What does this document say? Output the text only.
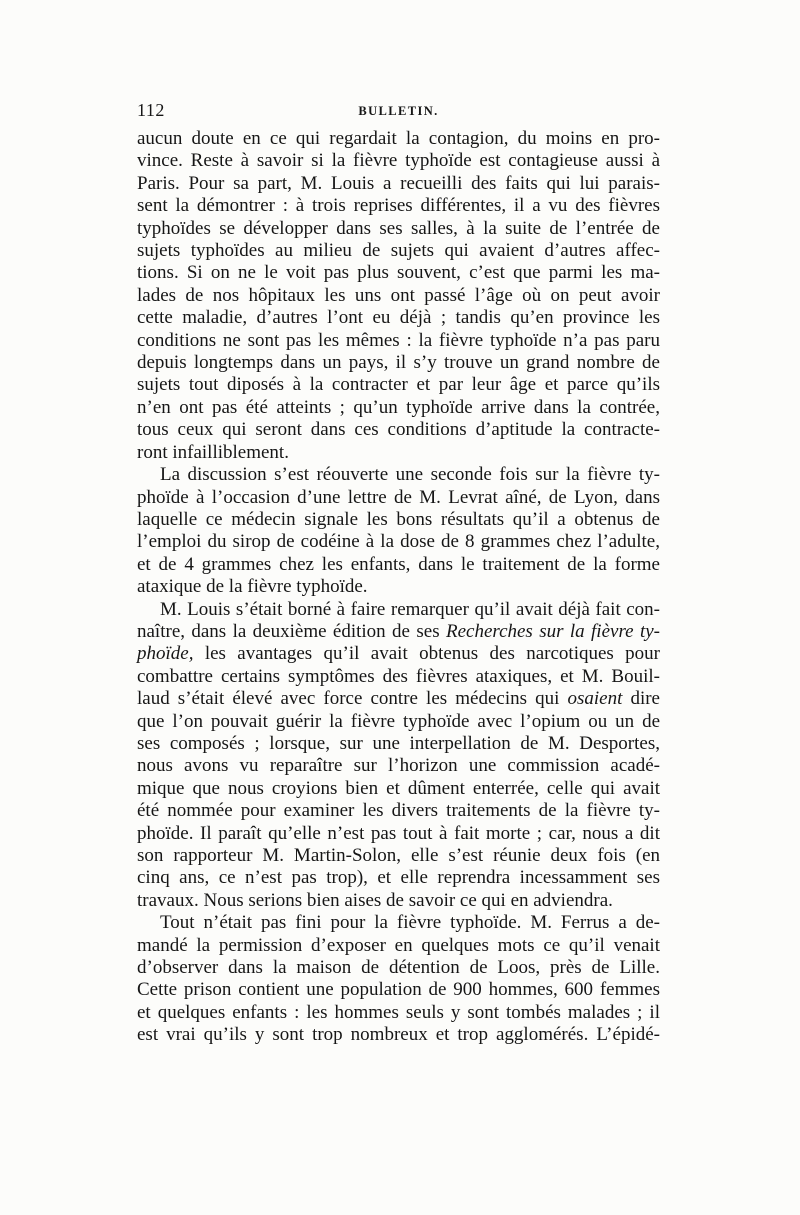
112	BULLETIN.
aucun doute en ce qui regardait la contagion, du moins en pro-
vince. Reste à savoir si la fièvre typhoïde est contagieuse aussi à
Paris. Pour sa part, M. Louis a recueilli des faits qui lui parais-
sent la démontrer : à trois reprises différentes, il a vu des fièvres
typhoïdes se développer dans ses salles, à la suite de l’entrée de
sujets typhoïdes au milieu de sujets qui avaient d’autres affec-
tions. Si on ne le voit pas plus souvent, c’est que parmi les ma-
lades de nos hôpitaux les uns ont passé l’âge où on peut avoir
cette maladie, d’autres l’ont eu déjà ; tandis qu’en province les
conditions ne sont pas les mêmes : la fièvre typhoïde n’a pas paru
depuis longtemps dans un pays, il s’y trouve un grand nombre de
sujets tout diposés à la contracter et par leur âge et parce qu’ils
n’en ont pas été atteints ; qu’un typhoïde arrive dans la contrée,
tous ceux qui seront dans ces conditions d’aptitude la contracte-
ront infailliblement.
La discussion s’est réouverte une seconde fois sur la fièvre ty-
phoïde à l’occasion d’une lettre de M. Levrat aîné, de Lyon, dans
laquelle ce médecin signale les bons résultats qu’il a obtenus de
l’emploi du sirop de codéine à la dose de 8 grammes chez l’adulte,
et de 4 grammes chez les enfants, dans le traitement de la forme
ataxique de la fièvre typhoïde.
M. Louis s’était borné à faire remarquer qu’il avait déjà fait con-
naître, dans la deuxième édition de ses Recherches sur la fièvre ty-
phoïde, les avantages qu’il avait obtenus des narcotiques pour
combattre certains symptômes des fièvres ataxiques, et M. Bouil-
laud s’était élevé avec force contre les médecins qui osaient dire
que l’on pouvait guérir la fièvre typhoïde avec l’opium ou un de
ses composés ; lorsque, sur une interpellation de M. Desportes,
nous avons vu reparaître sur l’horizon une commission acadé-
mique que nous croyions bien et dûment enterrée, celle qui avait
été nommée pour examiner les divers traitements de la fièvre ty-
phoïde. Il paraît qu’elle n’est pas tout à fait morte ; car, nous a dit
son rapporteur M. Martin-Solon, elle s’est réunie deux fois (en
cinq ans, ce n’est pas trop), et elle reprendra incessamment ses
travaux. Nous serions bien aises de savoir ce qui en adviendra.
Tout n’était pas fini pour la fièvre typhoïde. M. Ferrus a de-
mandé la permission d’exposer en quelques mots ce qu’il venait
d’observer dans la maison de détention de Loos, près de Lille.
Cette prison contient une population de 900 hommes, 600 femmes
et quelques enfants : les hommes seuls y sont tombés malades ; il
est vrai qu’ils y sont trop nombreux et trop agglomérés. L’épidé-
